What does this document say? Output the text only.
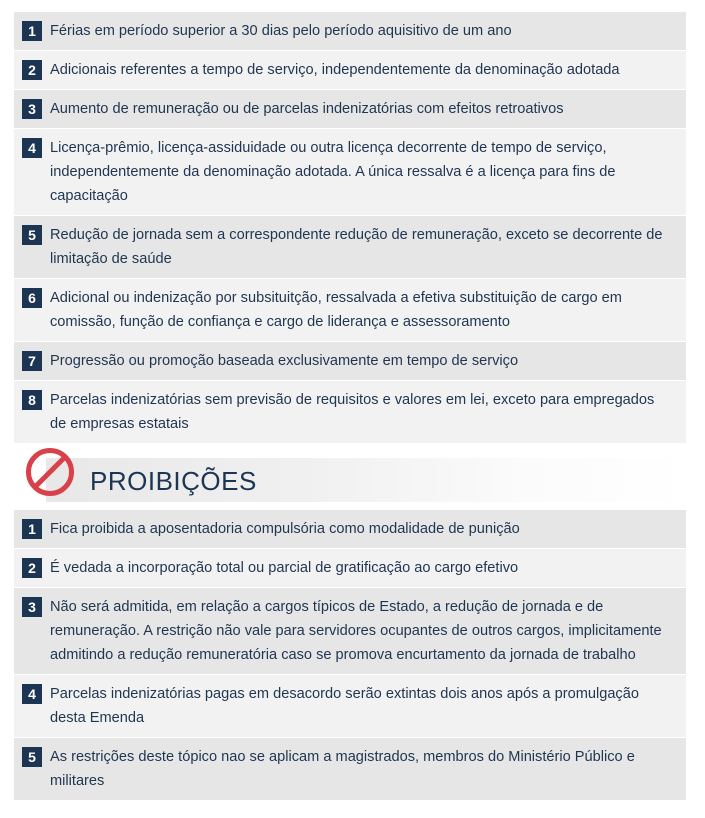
1 Férias em período superior a 30 dias pelo período aquisitivo de um ano
2 Adicionais referentes a tempo de serviço, independentemente da denominação adotada
3 Aumento de remuneração ou de parcelas indenizatórias com efeitos retroativos
4 Licença-prêmio, licença-assiduidade ou outra licença decorrente de tempo de serviço, independentemente da denominação adotada. A única ressalva é a licença para fins de capacitação
5 Redução de jornada sem a correspondente redução de remuneração, exceto se decorrente de limitação de saúde
6 Adicional ou indenização por subsituitção, ressalvada a efetiva substituição de cargo em comissão, função de confiança e cargo de liderança e assessoramento
7 Progressão ou promoção baseada exclusivamente em tempo de serviço
8 Parcelas indenizatórias sem previsão de requisitos e valores em lei, exceto para empregados de empresas estatais
PROIBIÇÕES
1 Fica proibida a aposentadoria compulsória como modalidade de punição
2 É vedada a incorporação total ou parcial de gratificação ao cargo efetivo
3 Não será admitida, em relação a cargos típicos de Estado, a redução de jornada e de remuneração. A restrição não vale para servidores ocupantes de outros cargos, implicitamente admitindo a redução remuneratória caso se promova encurtamento da jornada de trabalho
4 Parcelas indenizatórias pagas em desacordo serão extintas dois anos após a promulgação desta Emenda
5 As restrições deste tópico nao se aplicam a magistrados, membros do Ministério Público e militares
